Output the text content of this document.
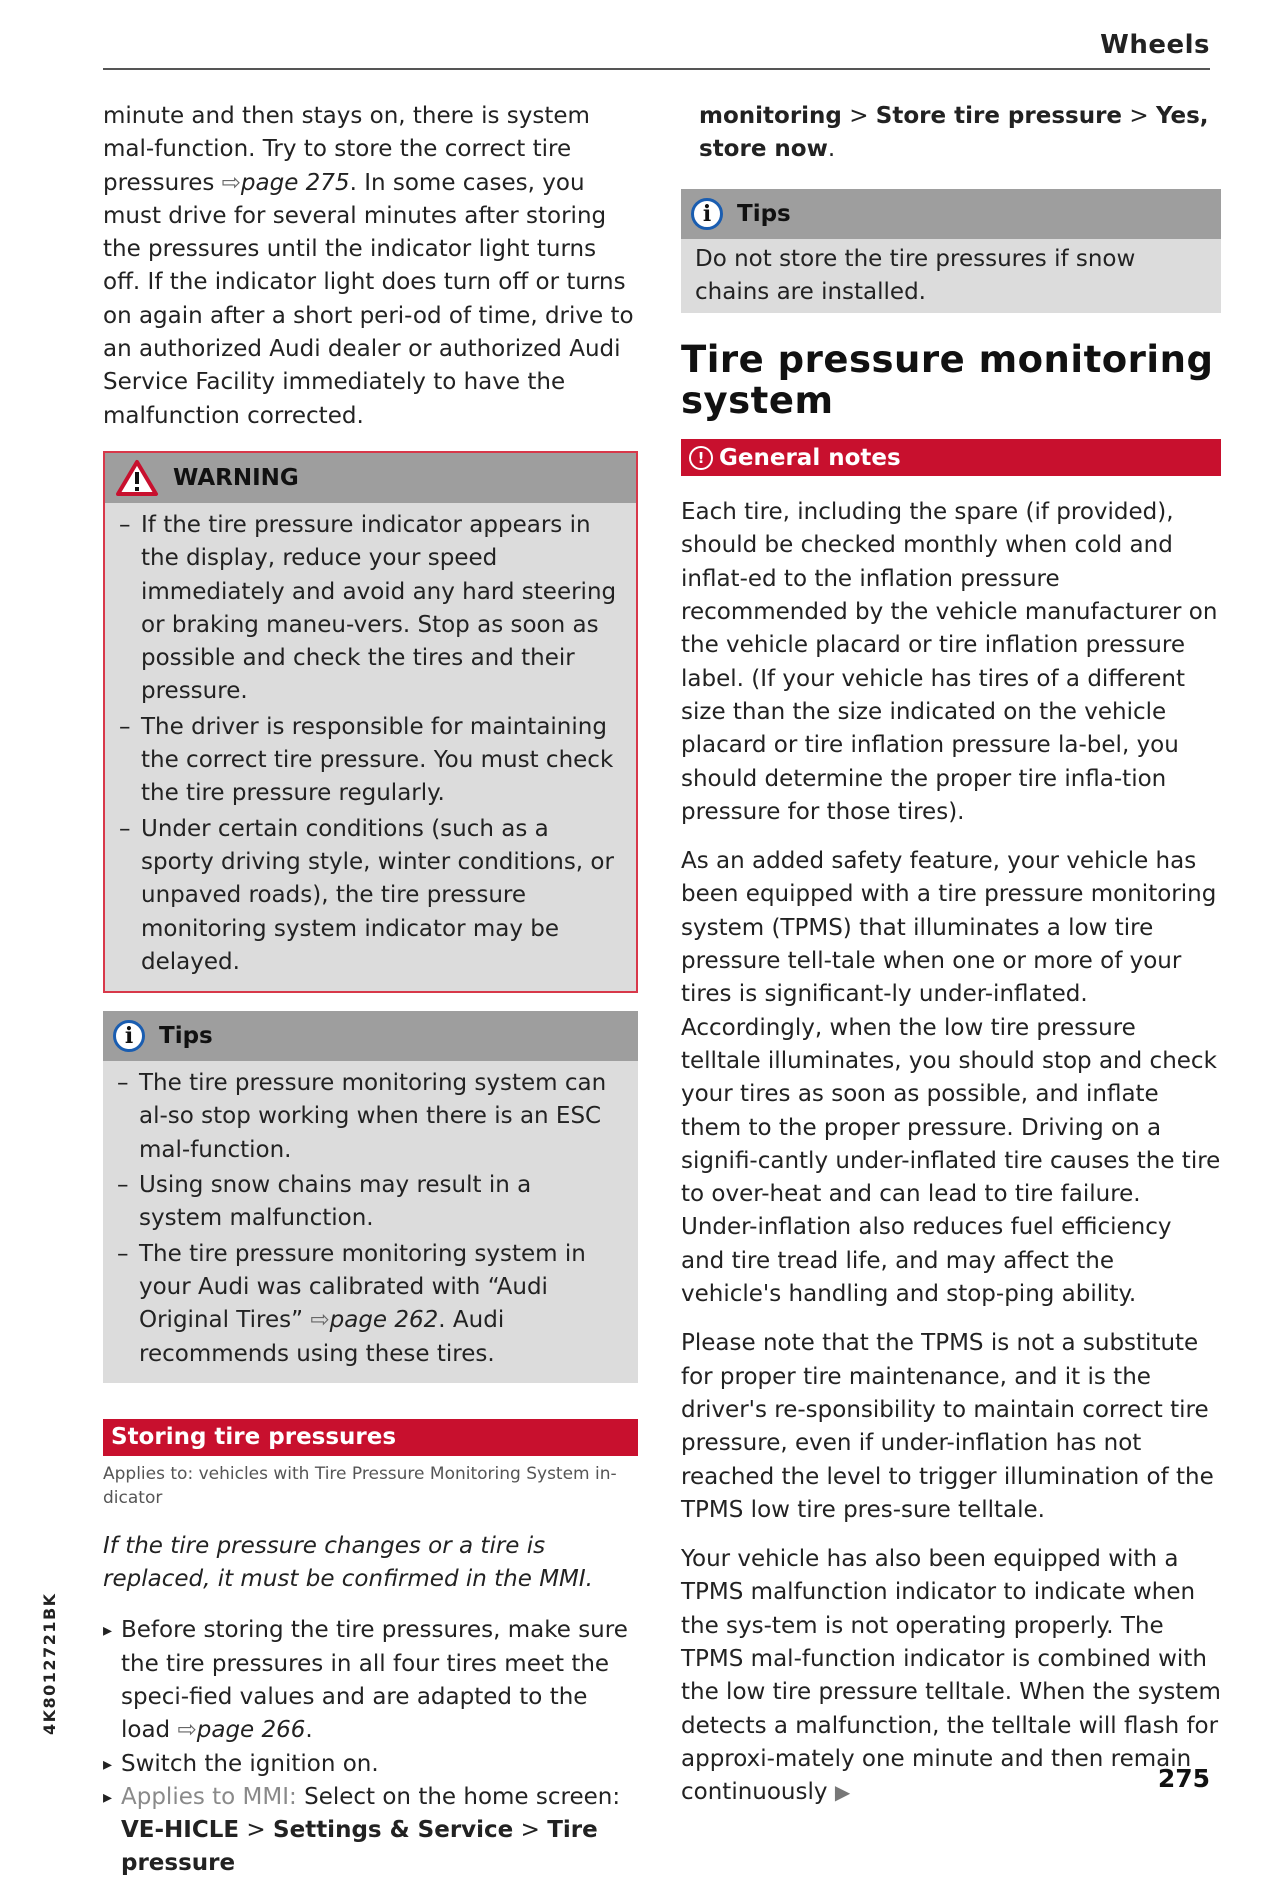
Wheels

minute and then stays on, there is system mal-function. Try to store the correct tire pressures ⇨page 275. In some cases, you must drive for several minutes after storing the pressures until the indicator light turns off. If the indicator light does turn off or turns on again after a short peri-od of time, drive to an authorized Audi dealer or authorized Audi Service Facility immediately to have the malfunction corrected.

WARNING
– If the tire pressure indicator appears in the display, reduce your speed immediately and avoid any hard steering or braking maneu-vers. Stop as soon as possible and check the tires and their pressure.
– The driver is responsible for maintaining the correct tire pressure. You must check the tire pressure regularly.
– Under certain conditions (such as a sporty driving style, winter conditions, or unpaved roads), the tire pressure monitoring system indicator may be delayed.
i	Tips
– The tire pressure monitoring system can al-so stop working when there is an ESC mal-function.
– Using snow chains may result in a system malfunction.
– The tire pressure monitoring system in your Audi was calibrated with “Audi Original Tires” ⇨page 262. Audi recommends using these tires.
Storing tire pressures
Applies to: vehicles with Tire Pressure Monitoring System in-dicator

If the tire pressure changes or a tire is replaced, it must be confirmed in the MMI.

▸ Before storing the tire pressures, make sure the tire pressures in all four tires meet the speci-fied values and are adapted to the load ⇨page 266.
▸ Switch the ignition on.
▸ Applies to MMI: Select on the home screen: VE-HICLE > Settings & Service > Tire pressure

monitoring > Store tire pressure > Yes, store now.

i	Tips

Do not store the tire pressures if snow chains are installed.

Tire pressure monitoring system
! General notes

Each tire, including the spare (if provided), should be checked monthly when cold and inflat-ed to the inflation pressure recommended by the vehicle manufacturer on the vehicle placard or tire inflation pressure label. (If your vehicle has tires of a different size than the size indicated on the vehicle placard or tire inflation pressure la-bel, you should determine the proper tire infla-tion pressure for those tires).

As an added safety feature, your vehicle has been equipped with a tire pressure monitoring system (TPMS) that illuminates a low tire pressure tell-tale when one or more of your tires is significant-ly under-inflated. Accordingly, when the low tire pressure telltale illuminates, you should stop and check your tires as soon as possible, and inflate them to the proper pressure. Driving on a signifi-cantly under-inflated tire causes the tire to over-heat and can lead to tire failure. Under-inflation also reduces fuel efficiency and tire tread life, and may affect the vehicle's handling and stop-ping ability.

Please note that the TPMS is not a substitute for proper tire maintenance, and it is the driver's re-sponsibility to maintain correct tire pressure, even if under-inflation has not reached the level to trigger illumination of the TPMS low tire pres-sure telltale.

Your vehicle has also been equipped with a TPMS malfunction indicator to indicate when the sys-tem is not operating properly. The TPMS mal-function indicator is combined with the low tire pressure telltale. When the system detects a malfunction, the telltale will flash for approxi-mately one minute and then remain continuously ▶

4K8012721BK
275
